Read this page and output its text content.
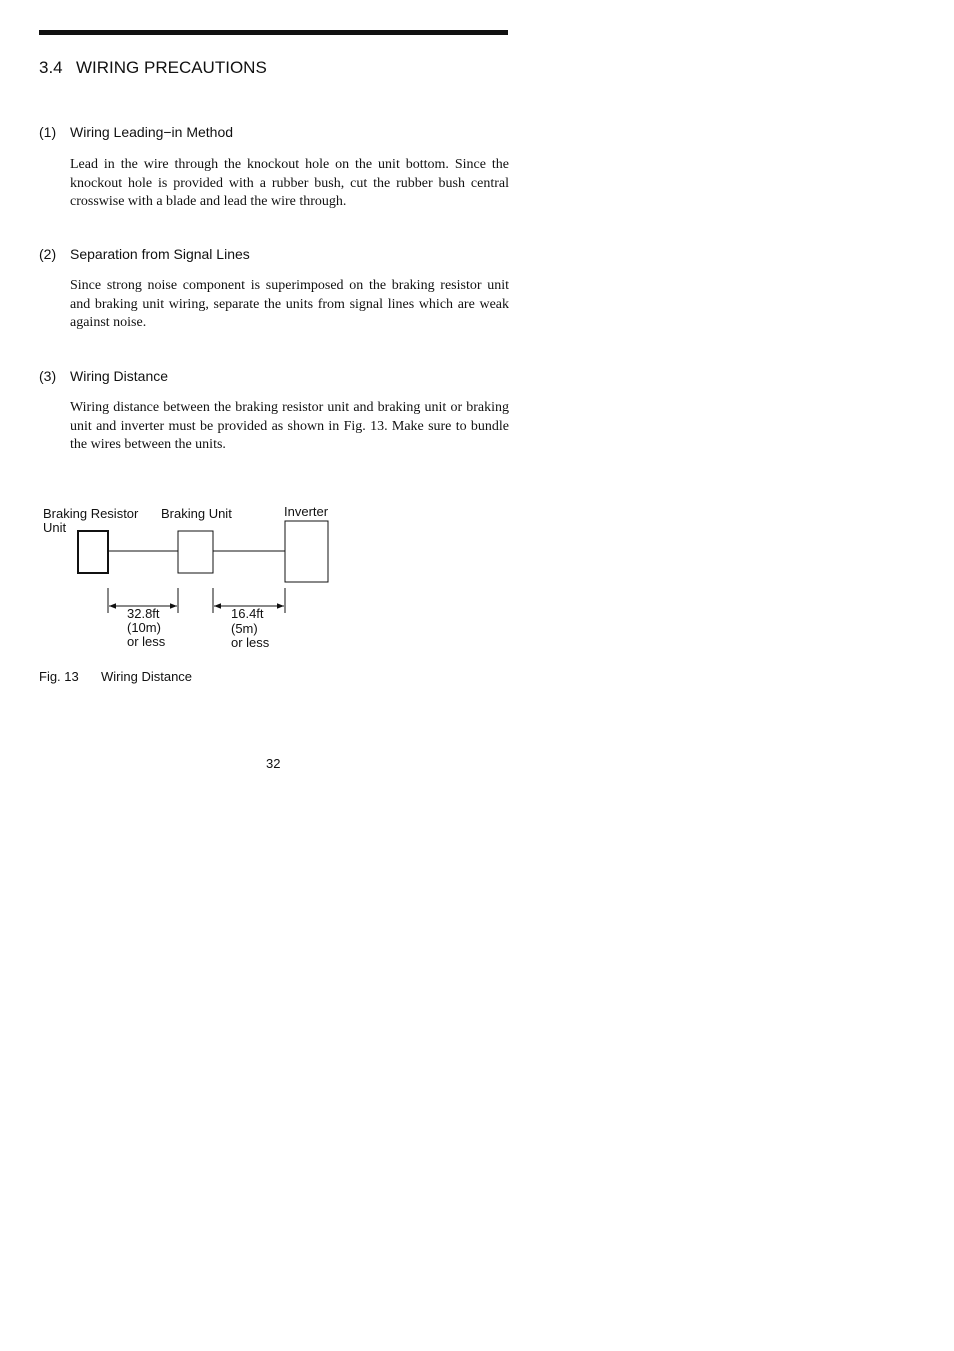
3.4 WIRING PRECAUTIONS
(1) Wiring Leading−in Method
Lead in the wire through the knockout hole on the unit bottom. Since the knockout hole is provided with a rubber bush, cut the rubber bush central crosswise with a blade and lead the wire through.
(2) Separation from Signal Lines
Since strong noise component is superimposed on the braking resistor unit and braking unit wiring, separate the units from signal lines which are weak against noise.
(3) Wiring Distance
Wiring distance between the braking resistor unit and braking unit or braking unit and inverter must be provided as shown in Fig. 13. Make sure to bundle the wires between the units.
Braking Resistor
Unit
Braking Unit	Inverter
32.8ft
(10m)
or less
16.4ft
(5m)
or less
Fig. 13 Wiring Distance
32
